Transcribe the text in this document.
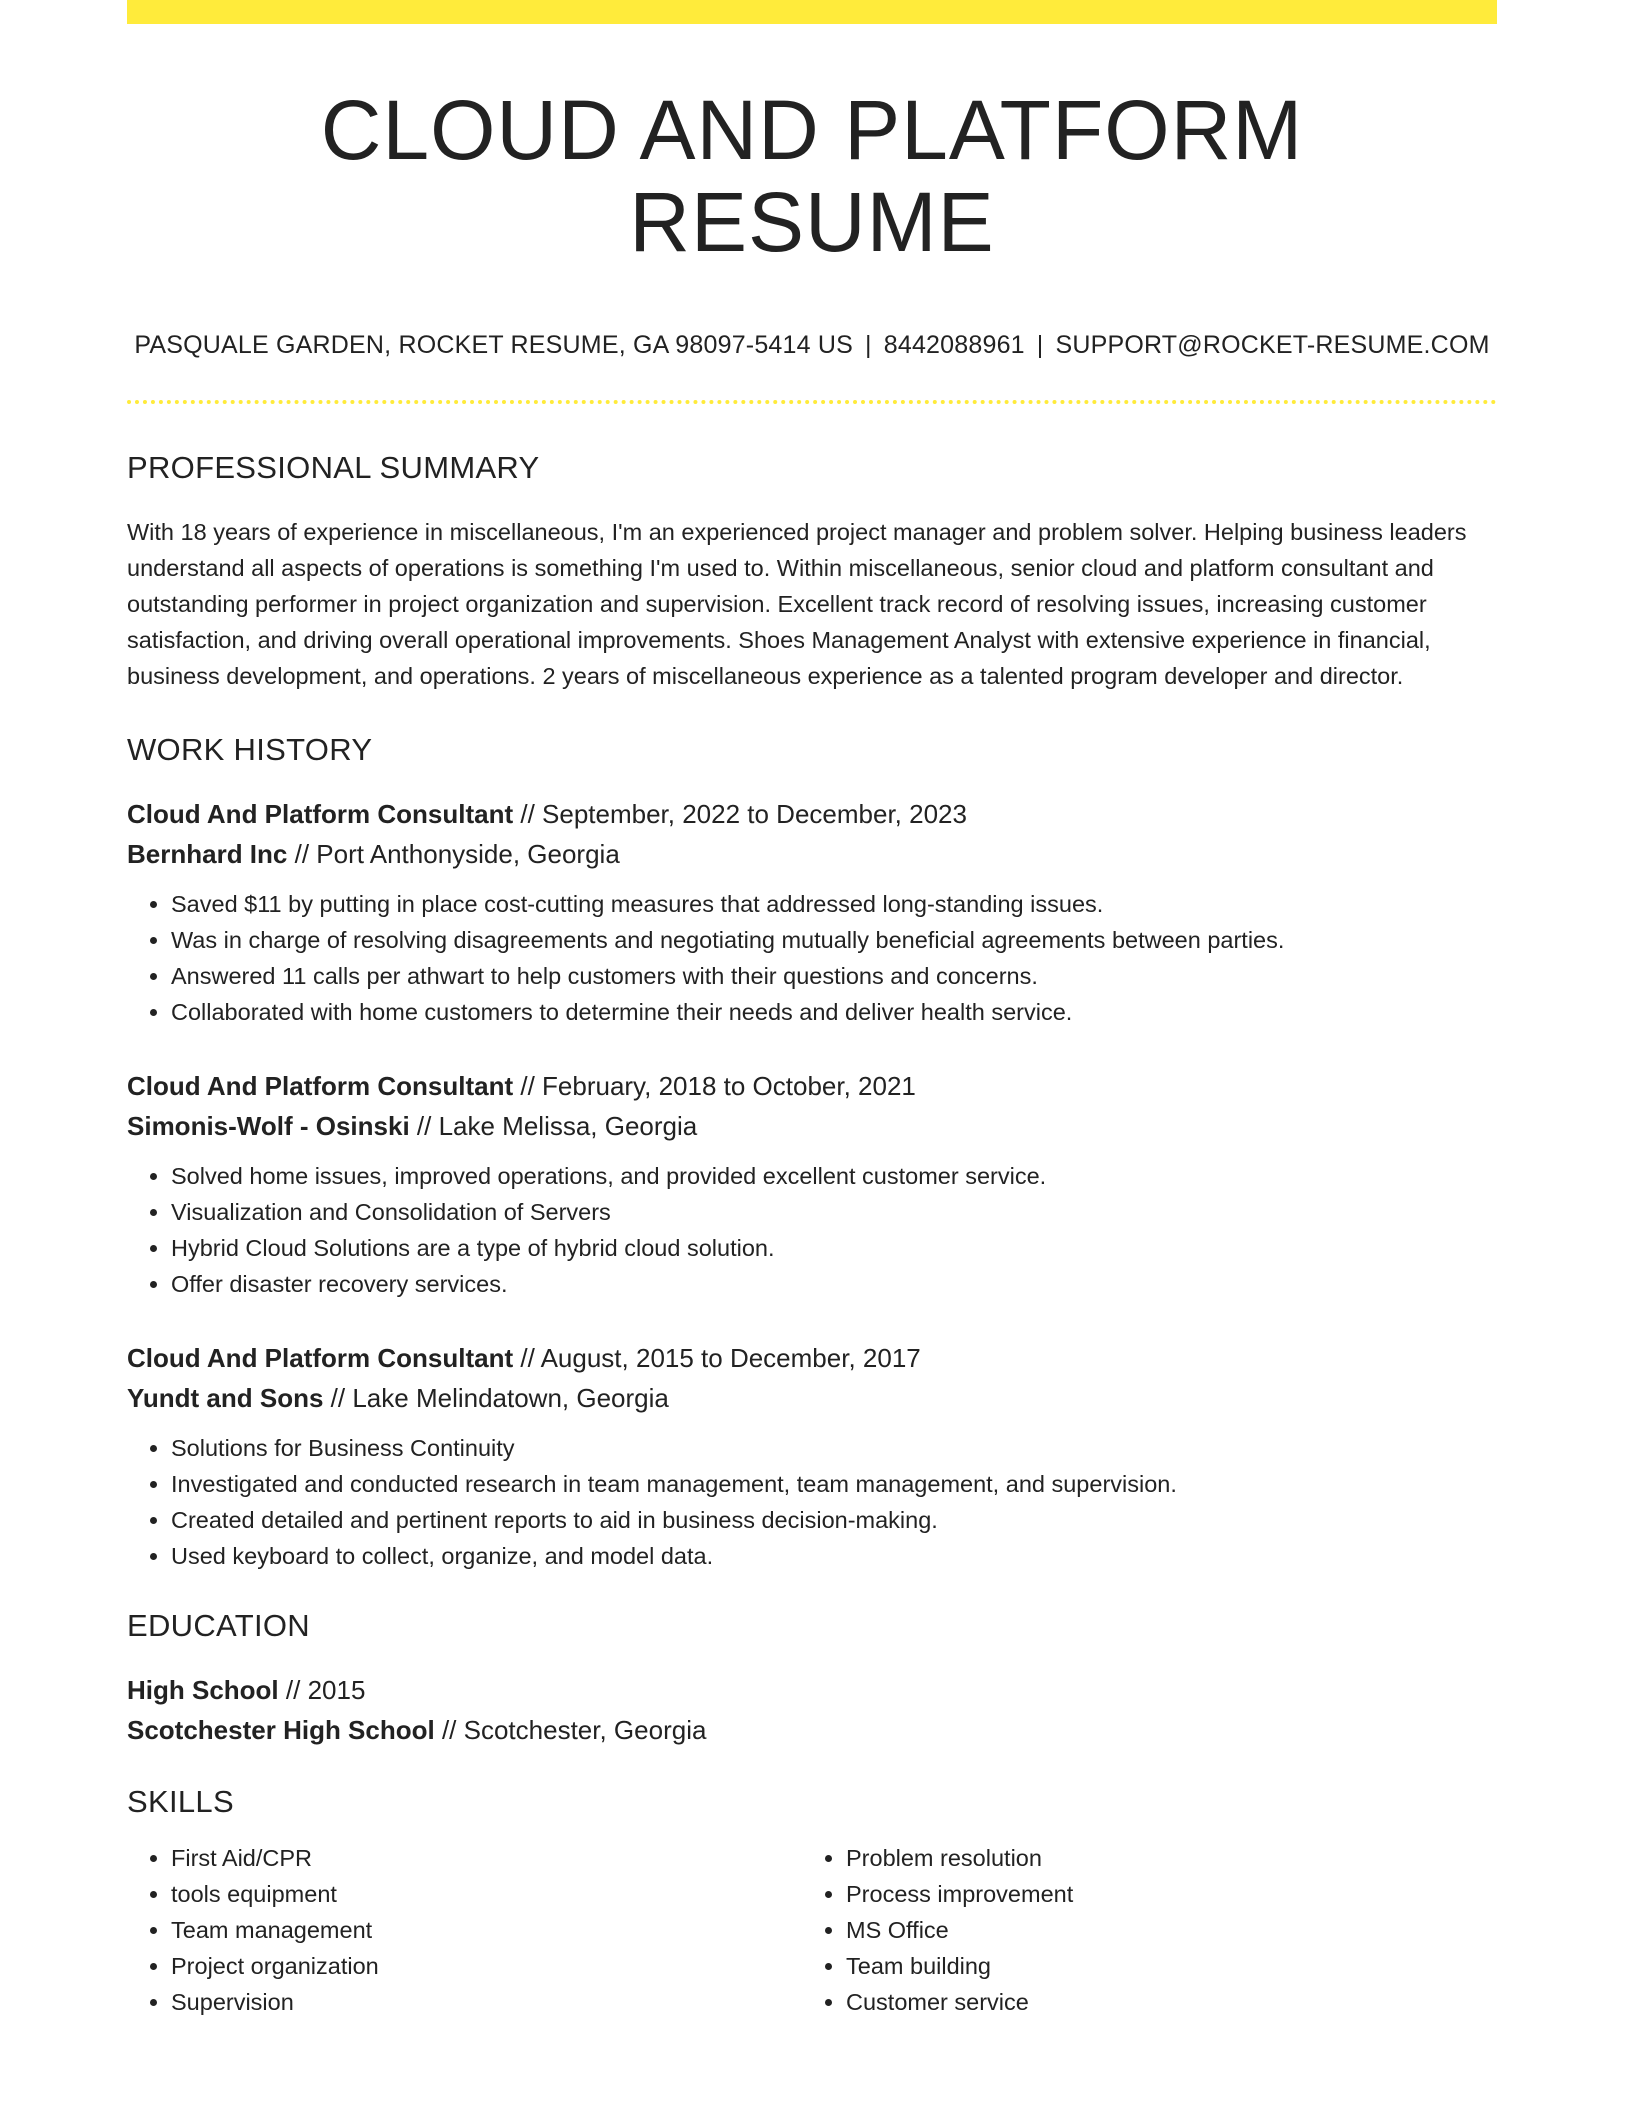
CLOUD AND PLATFORM RESUME
PASQUALE GARDEN, ROCKET RESUME, GA 98097-5414 US | 8442088961 | SUPPORT@ROCKET-RESUME.COM
PROFESSIONAL SUMMARY
With 18 years of experience in miscellaneous, I'm an experienced project manager and problem solver. Helping business leaders understand all aspects of operations is something I'm used to. Within miscellaneous, senior cloud and platform consultant and outstanding performer in project organization and supervision. Excellent track record of resolving issues, increasing customer satisfaction, and driving overall operational improvements. Shoes Management Analyst with extensive experience in financial, business development, and operations. 2 years of miscellaneous experience as a talented program developer and director.
WORK HISTORY
Cloud And Platform Consultant // September, 2022 to December, 2023
Bernhard Inc // Port Anthonyside, Georgia
• Saved $11 by putting in place cost-cutting measures that addressed long-standing issues.
• Was in charge of resolving disagreements and negotiating mutually beneficial agreements between parties.
• Answered 11 calls per athwart to help customers with their questions and concerns.
• Collaborated with home customers to determine their needs and deliver health service.
Cloud And Platform Consultant // February, 2018 to October, 2021
Simonis-Wolf - Osinski // Lake Melissa, Georgia
• Solved home issues, improved operations, and provided excellent customer service.
• Visualization and Consolidation of Servers
• Hybrid Cloud Solutions are a type of hybrid cloud solution.
• Offer disaster recovery services.
Cloud And Platform Consultant // August, 2015 to December, 2017
Yundt and Sons // Lake Melindatown, Georgia
• Solutions for Business Continuity
• Investigated and conducted research in team management, team management, and supervision.
• Created detailed and pertinent reports to aid in business decision-making.
• Used keyboard to collect, organize, and model data.
EDUCATION
High School // 2015
Scotchester High School // Scotchester, Georgia
SKILLS
• First Aid/CPR
• tools equipment
• Team management
• Project organization
• Supervision
• Problem resolution
• Process improvement
• MS Office
• Team building
• Customer service
